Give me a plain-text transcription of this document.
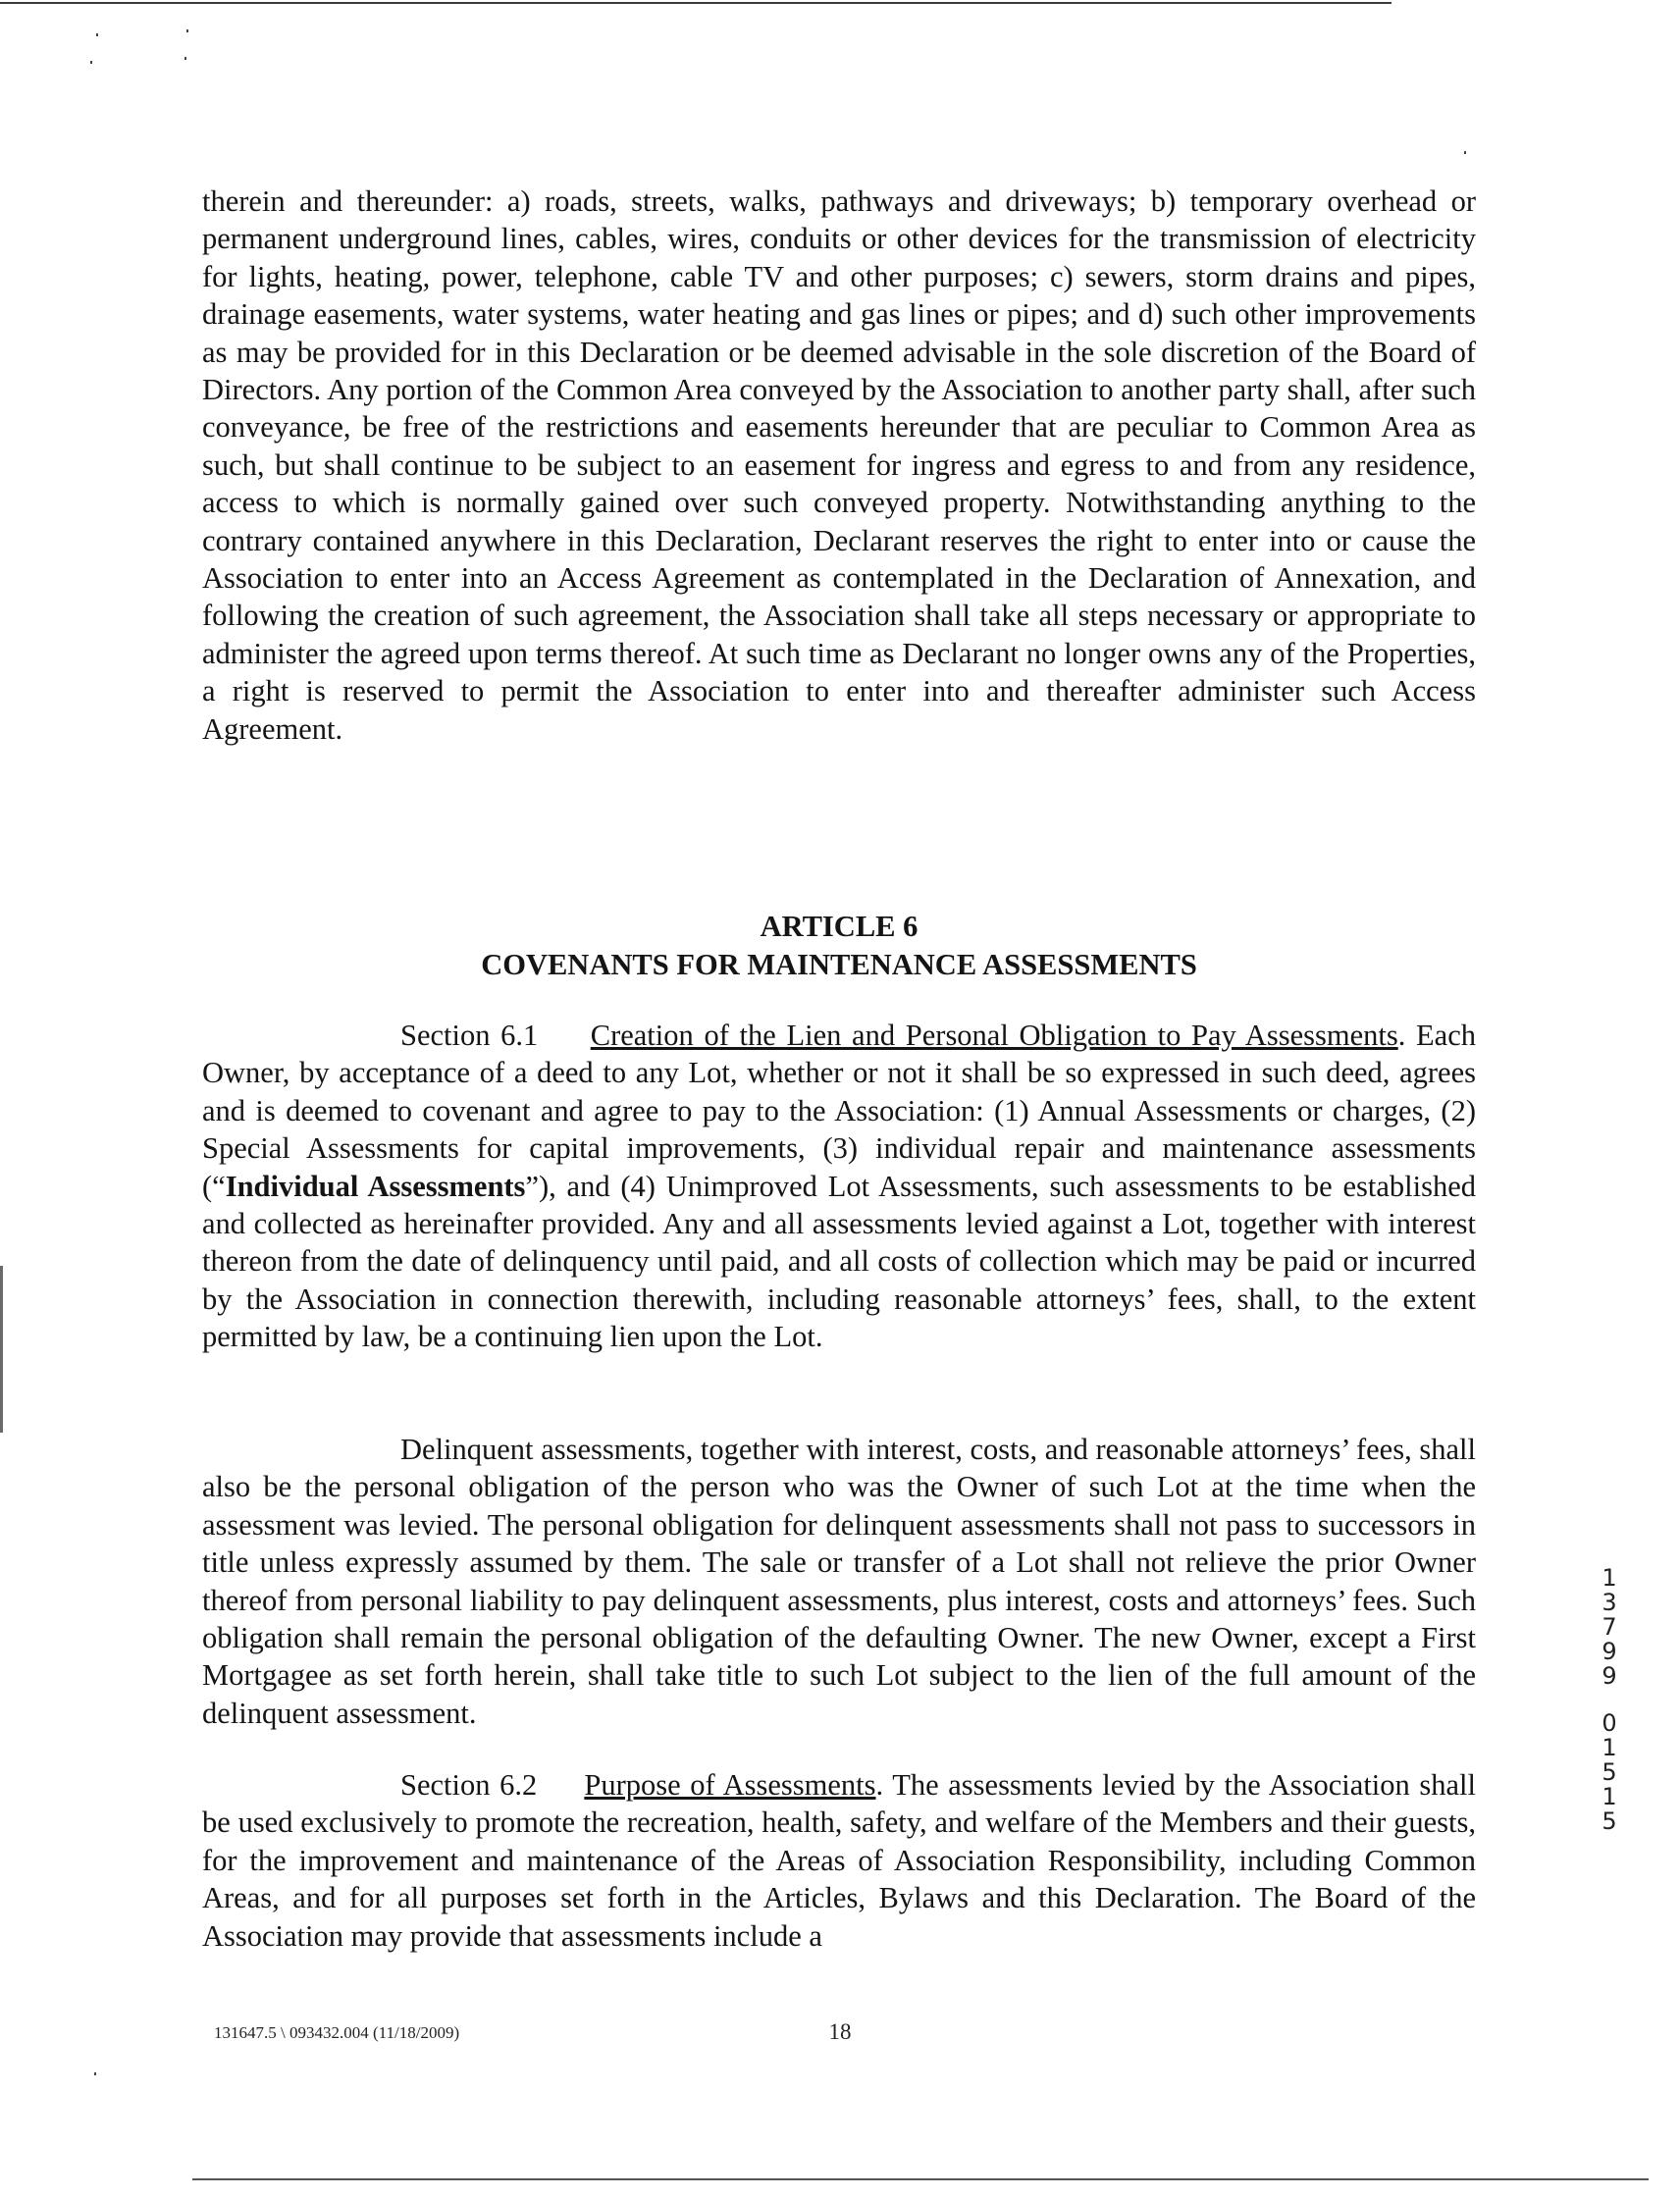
therein and thereunder: a) roads, streets, walks, pathways and driveways; b) temporary overhead or permanent underground lines, cables, wires, conduits or other devices for the transmission of electricity for lights, heating, power, telephone, cable TV and other purposes; c) sewers, storm drains and pipes, drainage easements, water systems, water heating and gas lines or pipes; and d) such other improvements as may be provided for in this Declaration or be deemed advisable in the sole discretion of the Board of Directors. Any portion of the Common Area conveyed by the Association to another party shall, after such conveyance, be free of the restrictions and easements hereunder that are peculiar to Common Area as such, but shall continue to be subject to an easement for ingress and egress to and from any residence, access to which is normally gained over such conveyed property. Notwithstanding anything to the contrary contained anywhere in this Declaration, Declarant reserves the right to enter into or cause the Association to enter into an Access Agreement as contemplated in the Declaration of Annexation, and following the creation of such agreement, the Association shall take all steps necessary or appropriate to administer the agreed upon terms thereof. At such time as Declarant no longer owns any of the Properties, a right is reserved to permit the Association to enter into and thereafter administer such Access Agreement.

ARTICLE 6

COVENANTS FOR MAINTENANCE ASSESSMENTS

Section 6.1 Creation of the Lien and Personal Obligation to Pay Assessments. Each Owner, by acceptance of a deed to any Lot, whether or not it shall be so expressed in such deed, agrees and is deemed to covenant and agree to pay to the Association: (1) Annual Assessments or charges, (2) Special Assessments for capital improvements, (3) individual repair and maintenance assessments (“Individual Assessments”), and (4) Unimproved Lot Assessments, such assessments to be established and collected as hereinafter provided. Any and all assessments levied against a Lot, together with interest thereon from the date of delinquency until paid, and all costs of collection which may be paid or incurred by the Association in connection therewith, including reasonable attorneys’ fees, shall, to the extent permitted by law, be a continuing lien upon the Lot.

Delinquent assessments, together with interest, costs, and reasonable attorneys’ fees, shall also be the personal obligation of the person who was the Owner of such Lot at the time when the assessment was levied. The personal obligation for delinquent assessments shall not pass to successors in title unless expressly assumed by them. The sale or transfer of a Lot shall not relieve the prior Owner thereof from personal liability to pay delinquent assessments, plus interest, costs and attorneys’ fees. Such obligation shall remain the personal obligation of the defaulting Owner. The new Owner, except a First Mortgagee as set forth herein, shall take title to such Lot subject to the lien of the full amount of the delinquent assessment.

Section 6.2 Purpose of Assessments. The assessments levied by the Association shall be used exclusively to promote the recreation, health, safety, and welfare of the Members and their guests, for the improvement and maintenance of the Areas of Association Responsibility, including Common Areas, and for all purposes set forth in the Articles, Bylaws and this Declaration. The Board of the Association may provide that assessments include a

1
3
7
9
9
0
1
5
1
5

131647.5 \ 093432.004 (11/18/2009)	18
